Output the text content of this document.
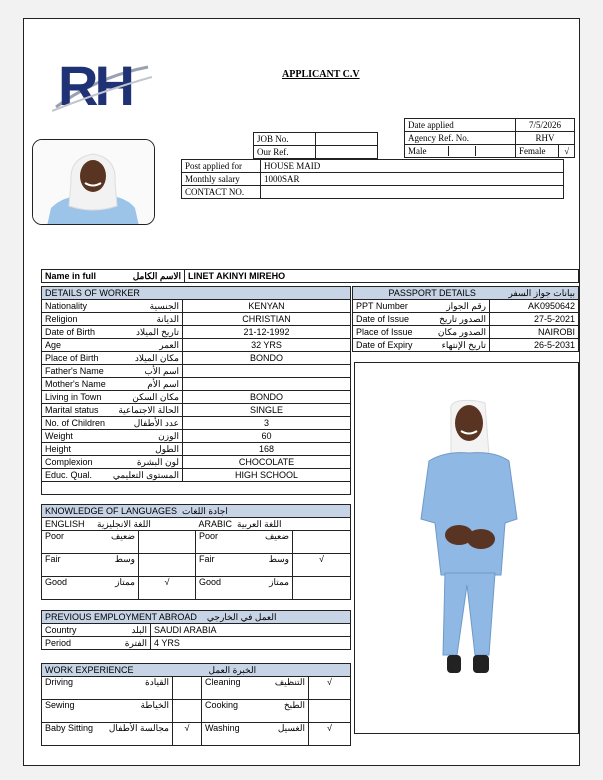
RH	APPLICANT C.V
Date applied	7/5/2026	
Agency Ref. No.	RHV	
Male	Female	√
JOB No.	
Our Ref.	
Post applied for	HOUSE MAID
Monthly salary	1000SAR
CONTACT NO.	
Name in full	الاسم الكامل	LINET AKINYI MIREHO
DETAILS OF WORKER	
Nationality الجنسية	KENYAN
Religion الديانة	CHRISTIAN
Date of Birth تاريخ الميلاد	21-12-1992
Age العمر	32 YRS
Place of Birth مكان الميلاد	BONDO
Father's Name اسم الأب	

Mother's Name اسم الأم	

Living in Town مكان السكن	BONDO
Marital status الحالة الاجتماعية	SINGLE
No. of Children عدد الأطفال	3
Weight الوزن	60
Height الطول	168
Complexion لون البشرة	CHOCOLATE
Educ. Qual. المستوى التعليمي	HIGH SCHOOL

PASSPORT DETAILS بيانات جواز السفر	

PPT Number رقم الجواز	AK0950642
Date of Issue الصدور تاريخ	27-5-2021
Place of Issue الصدور مكان	NAIROBI
Date of Expiry تاريخ الإنتهاء	26-5-2031
KNOWLEDGE OF LANGUAGES اجادة اللغات			
ENGLISH اللغة الانجليزية		ARABIC اللغة العربية	
Poor ضعيف		Poor ضعيف	

Fair وسط		Fair وسط	√
Good ممتاز	√	Good ممتاز	

PREVIOUS EMPLOYMENT ABROAD العمل في الخارجي	
Country البلد	SAUDI ARABIA
Period الفترة	4 YRS
WORK EXPERIENCE الخبرة العمل			
Driving القيادة		Cleaning التنظيف	√
Sewing الخياطة		Cooking الطبخ	

Baby Sitting مجالسة الأطفال	√	Washing الغسيل	√
